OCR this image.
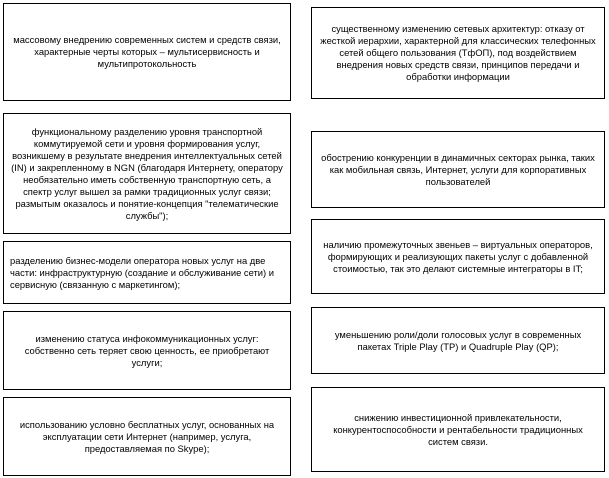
массовому внедрению современных систем и средств связи, характерные черты которых – мультисервисность и мультипротокольность
функциональному разделению уровня транспортной коммутируемой сети и уровня формирования услуг, возникшему в результате внедрения интеллектуальных сетей (IN) и закрепленному в NGN (благодаря Интернету, оператору необязательно иметь собственную транспортную сеть, а спектр услуг вышел за рамки традиционных услуг связи; размытым оказалось и понятие-концепция "телематические службы");
разделению бизнес-модели оператора новых услуг на две части: инфраструктурную (создание и обслуживание сети) и сервисную (связанную с маркетингом);
изменению статуса инфокоммуникационных услуг: собственно сеть теряет свою ценность, ее приобретают услуги;
использованию условно бесплатных услуг, основанных на эксплуатации сети Интернет (например, услуга, предоставляемая по Skype);
существенному изменению сетевых архитектур: отказу от жесткой иерархии, характерной для классических телефонных сетей общего пользования (ТфОП), под воздействием внедрения новых средств связи, принципов передачи и обработки информации
обострению конкуренции в динамичных секторах рынка, таких как мобильная связь, Интернет, услуги для корпоративных пользователей
наличию промежуточных звеньев – виртуальных операторов, формирующих и реализующих пакеты услуг с добавленной стоимостью, так это делают системные интеграторы в IT;
уменьшению роли/доли голосовых услуг в современных пакетах Triple Play (TP) и Quadruple Play (QP);
снижению инвестиционной привлекательности, конкурентоспособности и рентабельности традиционных систем связи.
